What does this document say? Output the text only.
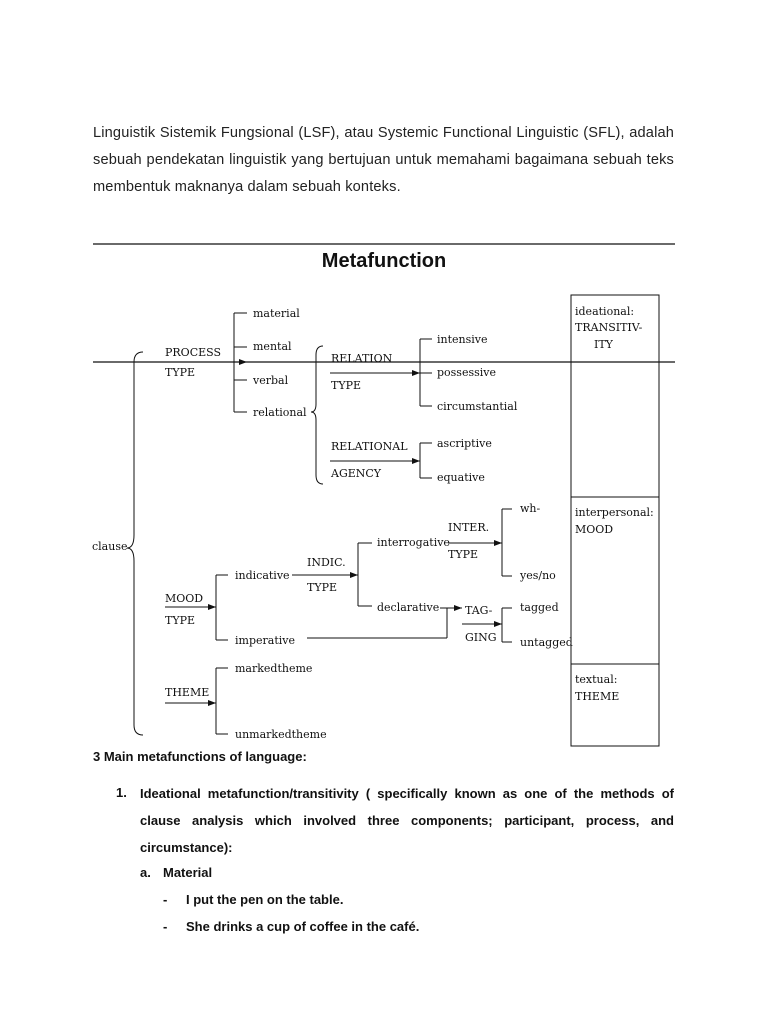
Linguistik Sistemik Fungsional (LSF), atau Systemic Functional Linguistic (SFL), adalah sebuah pendekatan linguistik yang bertujuan untuk memahami bagaimana sebuah teks membentuk maknanya dalam sebuah konteks.
Metafunction
clause
PROCESS
TYPE
material
mental
verbal
relational
RELATION
TYPE
intensive
possessive
circumstantial
RELATIONAL
AGENCY
ascriptive
equative
MOOD
TYPE
indicative
imperative
INDIC.
TYPE
interrogative
declarative
INTER.
TYPE
wh-
yes/no
TAG-
GING
tagged
untagged
THEME
markedtheme
unmarkedtheme
ideational:
TRANSITIV-
ITY
interpersonal:
MOOD
textual:
THEME
3 Main metafunctions of language:
1. Ideational metafunction/transitivity ( specifically known as one of the methods of clause analysis which involved three components; participant, process, and circumstance):
a. Material
- I put the pen on the table.
- She drinks a cup of coffee in the café.
